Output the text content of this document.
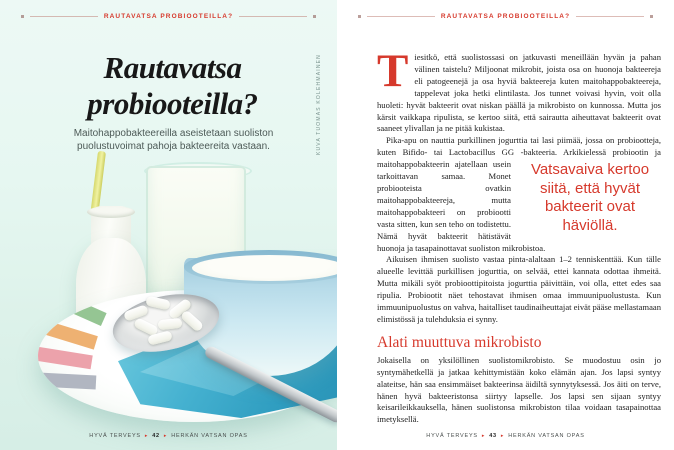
RAUTAVATSA PROBIOOTEILLA?
Rautavatsa
probiooteilla?
Maitohappobakteereilla aseistetaan suoliston puolustuvoimat pahoja bakteereita vastaan.	KUVA TUOMAS KOLEHMAINEN
HYVÄ TERVEYS ▸ 42 ▸ HERKÄN VATSAN OPAS
RAUTAVATSA PROBIOOTEILLA?

Tiesitkö, että suolistossasi on jatkuvasti meneillään hyvän ja pahan välinen taistelu? Miljoonat mikrobit, joista osa on huonoja bakteereja eli patogeenejä ja osa hyviä bakteereja kuten maitohappobakteereja, tappelevat joka hetki elintilasta. Jos tunnet voivasi hyvin, voit olla huoleti: hyvät bakteerit ovat niskan päällä ja mikrobisto on kunnossa. Mutta jos kärsit vaikkapa ripulista, se kertoo siitä, että sairautta aiheuttavat bakteerit ovat saaneet ylivallan ja ne pitää kukistaa.

Pika-apu on nauttia purkillinen jogurttia tai lasi piimää, jossa on probiootteja, kuten Bifido- tai Lactobacillus GG -bakteeria. Arkikielessä
Vatsavaiva kertoo siitä, että hyvät bakteerit ovat häviöllä.
probiootin ja maitohappobakteerin ajatellaan usein tarkoittavan samaa. Monet probiooteista ovatkin maitohappobakteereja, mutta maitohappobakteeri on probiootti vasta sitten, kun sen teho on todistettu. Nämä hyvät bakteerit hätistävät huonoja ja tasapainottavat suoliston mikrobistoa.

Aikuisen ihmisen suolisto vastaa pinta-alaltaan 1–2 tenniskenttää. Kun tälle alueelle levittää purkillisen jogurttia, on selvää, ettei kannata odottaa ihmeitä. Mutta mikäli syöt probioottipitoista jogurttia päivittäin, voi olla, ettet edes saa ripulia. Probiootit näet tehostavat ihmisen omaa immuunipuolustusta. Kun immuunipuolustus on vahva, haitalliset taudinaiheuttajat eivät pääse mellastamaan elimistössä ja tulehduksia ei synny.

Alati muuttuva mikrobisto

Jokaisella on yksilöllinen suolistomikrobisto. Se muodostuu osin jo syntymähetkellä ja jatkaa kehittymistään koko elämän ajan. Jos lapsi syntyy alateitse, hän saa ensimmäiset bakteerinsa äidiltä synnytyksessä. Jos äiti on terve, hänen hyvä bakteeristonsa siirtyy lapselle. Jos lapsi sen sijaan syntyy keisarileikkauksella, hänen suolistonsa mikrobiston tilaa voidaan tasapainottaa imetyksellä.

HYVÄ TERVEYS ▸ 43 ▸ HERKÄN VATSAN OPAS
